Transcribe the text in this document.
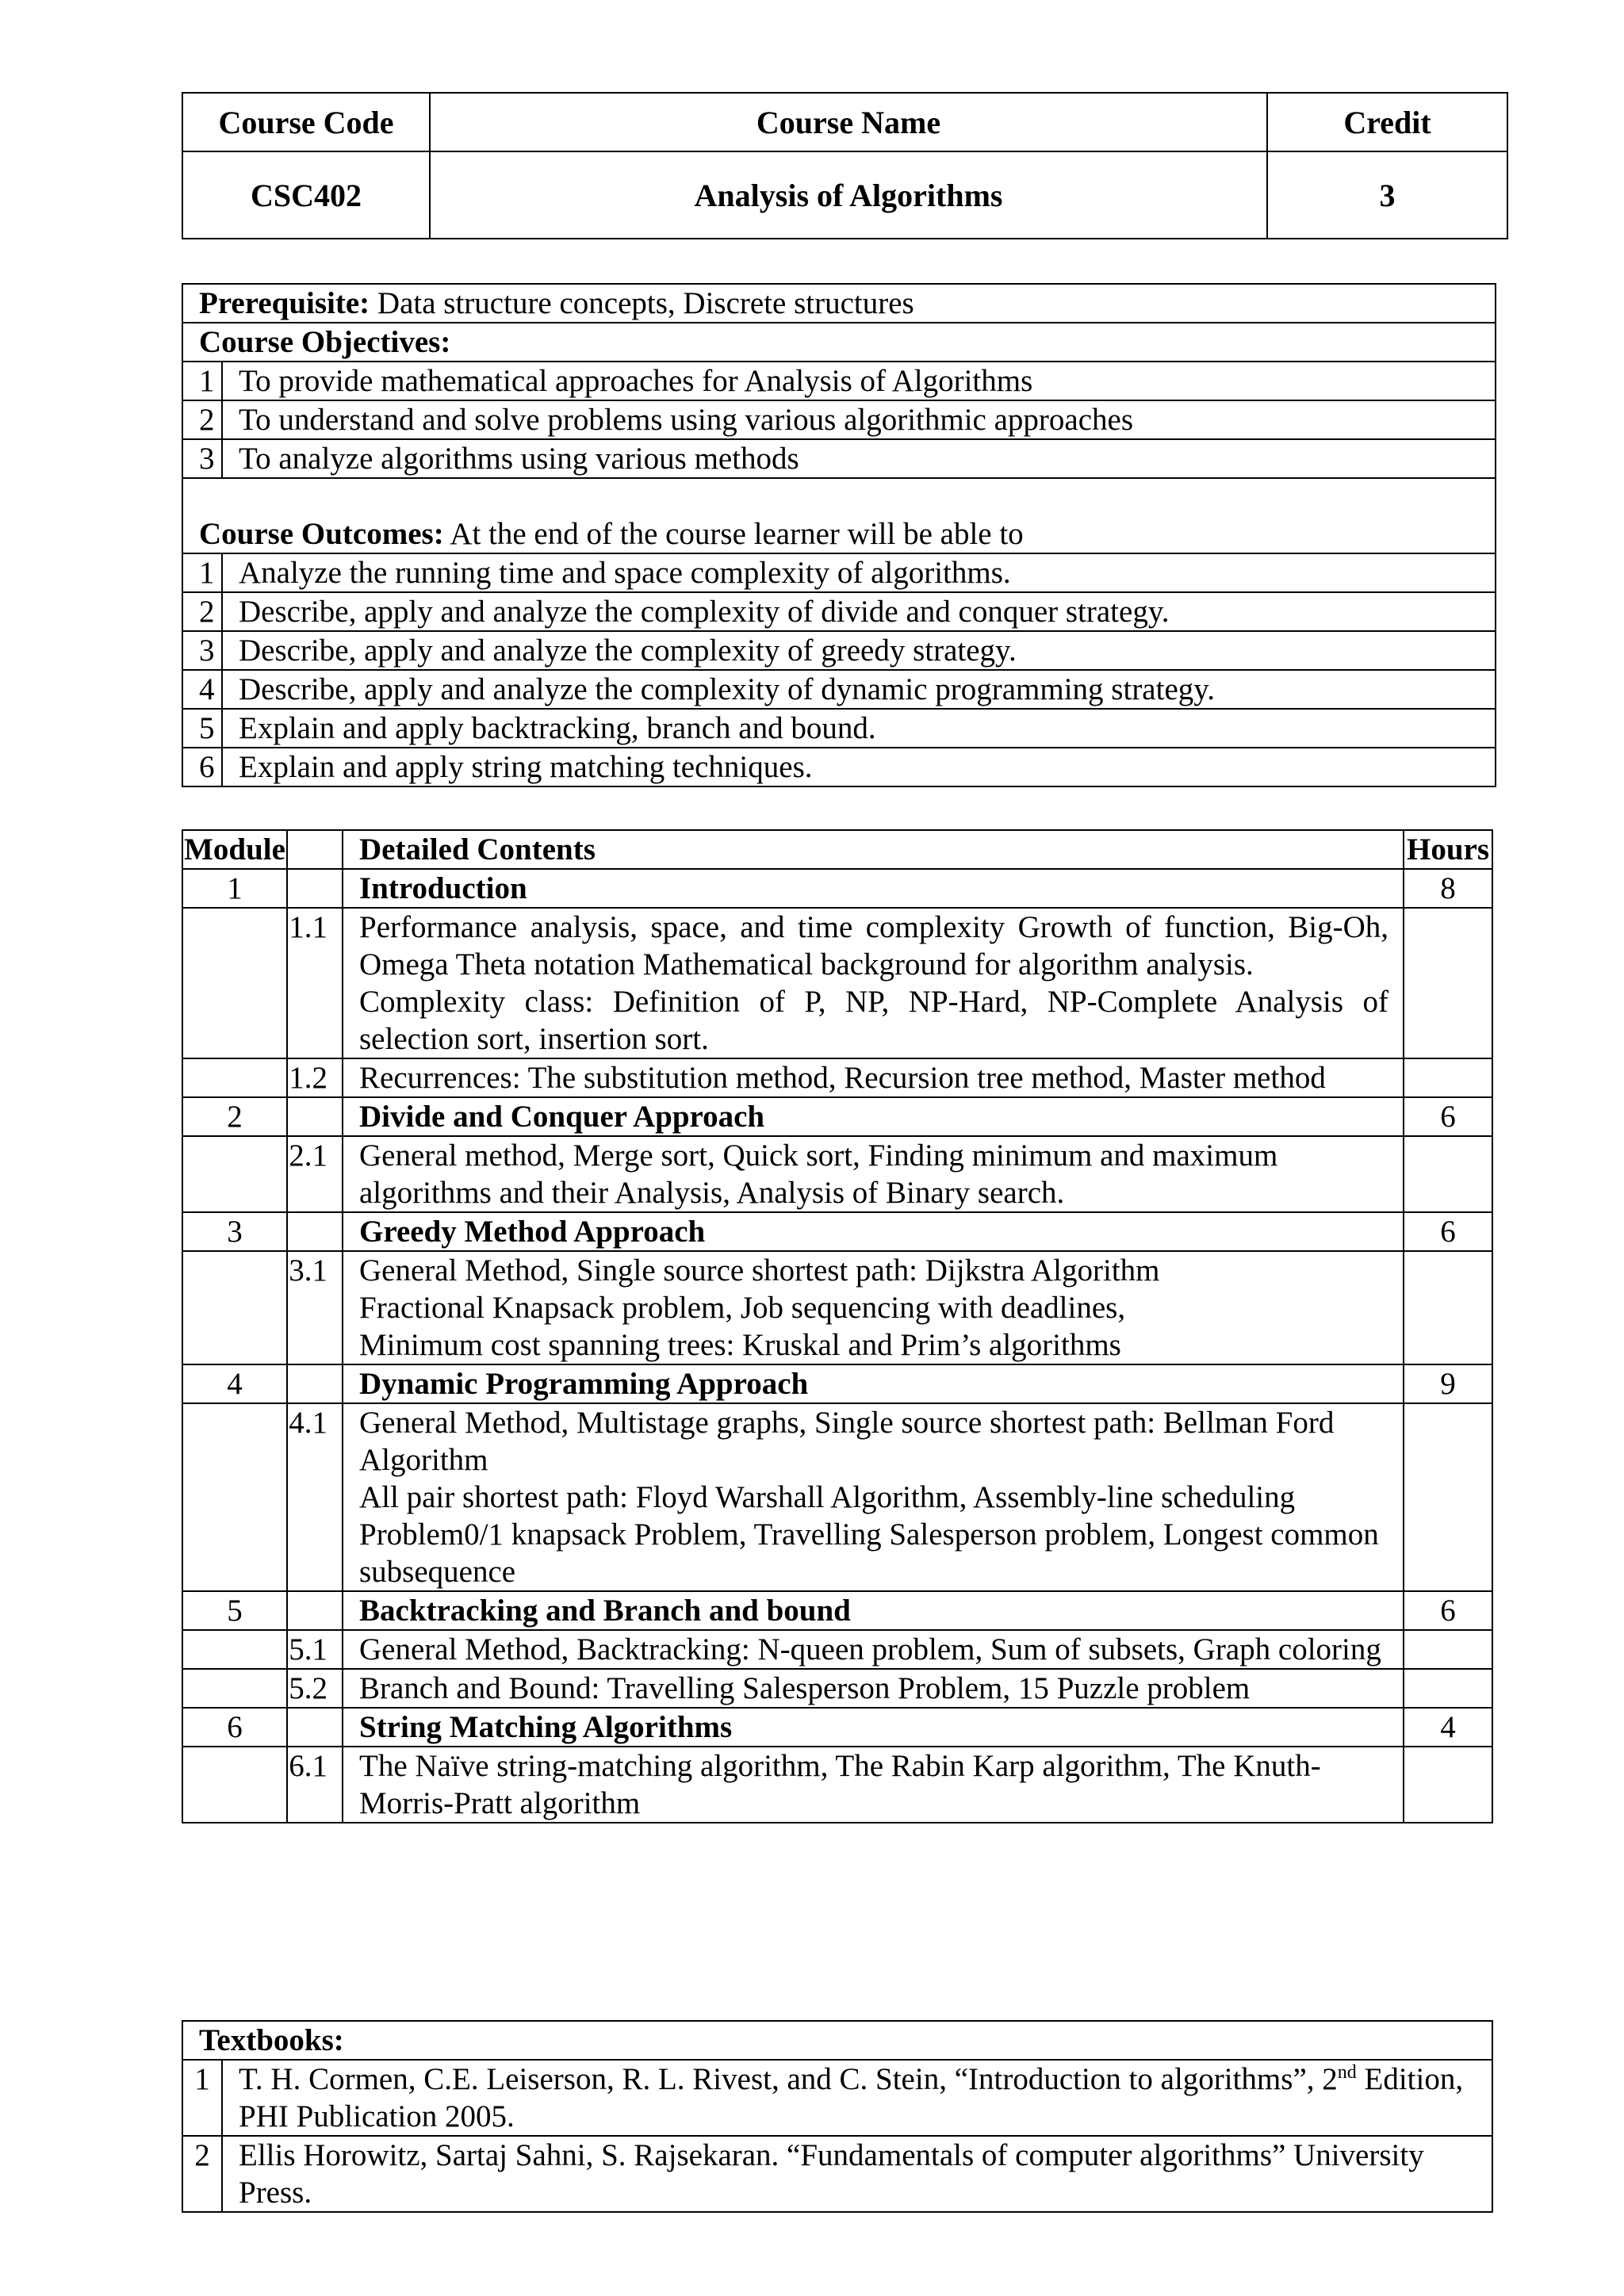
Course Code	Course Name	Credit
CSC402	Analysis of Algorithms	3
Prerequisite: Data structure concepts, Discrete structures	
Course Objectives:	
1	To provide mathematical approaches for Analysis of Algorithms
2	To understand and solve problems using various algorithmic approaches
3	To analyze algorithms using various methods

Course Outcomes: At the end of the course learner will be able to	
1	Analyze the running time and space complexity of algorithms.
2	Describe, apply and analyze the complexity of divide and conquer strategy.
3	Describe, apply and analyze the complexity of greedy strategy.
4	Describe, apply and analyze the complexity of dynamic programming strategy.
5	Explain and apply backtracking, branch and bound.
6	Explain and apply string matching techniques.
Module		Detailed Contents	Hours
1		Introduction	8
	1.1	Performance analysis, space, and time complexity Growth of function, Big-Oh, Omega Theta notation Mathematical background for algorithm analysis.
Complexity class: Definition of P, NP, NP-Hard, NP-Complete Analysis of selection sort, insertion sort.	

	1.2	Recurrences: The substitution method, Recursion tree method, Master method	

2		Divide and Conquer Approach	6
	2.1	General method, Merge sort, Quick sort, Finding minimum and maximum algorithms and their Analysis, Analysis of Binary search.	

3		Greedy Method Approach	6
	3.1	General Method, Single source shortest path: Dijkstra Algorithm
Fractional Knapsack problem, Job sequencing with deadlines,
Minimum cost spanning trees: Kruskal and Prim’s algorithms	

4		Dynamic Programming Approach	9
	4.1	General Method, Multistage graphs, Single source shortest path: Bellman Ford Algorithm
All pair shortest path: Floyd Warshall Algorithm, Assembly-line scheduling Problem0/1 knapsack Problem, Travelling Salesperson problem, Longest common subsequence	

5		Backtracking and Branch and bound	6
	5.1	General Method, Backtracking: N-queen problem, Sum of subsets, Graph coloring	

	5.2	Branch and Bound: Travelling Salesperson Problem, 15 Puzzle problem	

6		String Matching Algorithms	4
	6.1	The Naïve string-matching algorithm, The Rabin Karp algorithm, The Knuth-Morris-Pratt algorithm	

Textbooks:	
1	T. H. Cormen, C.E. Leiserson, R. L. Rivest, and C. Stein, “Introduction to algorithms”, 2nd Edition, PHI Publication 2005.
2	Ellis Horowitz, Sartaj Sahni, S. Rajsekaran. “Fundamentals of computer algorithms” University Press.
